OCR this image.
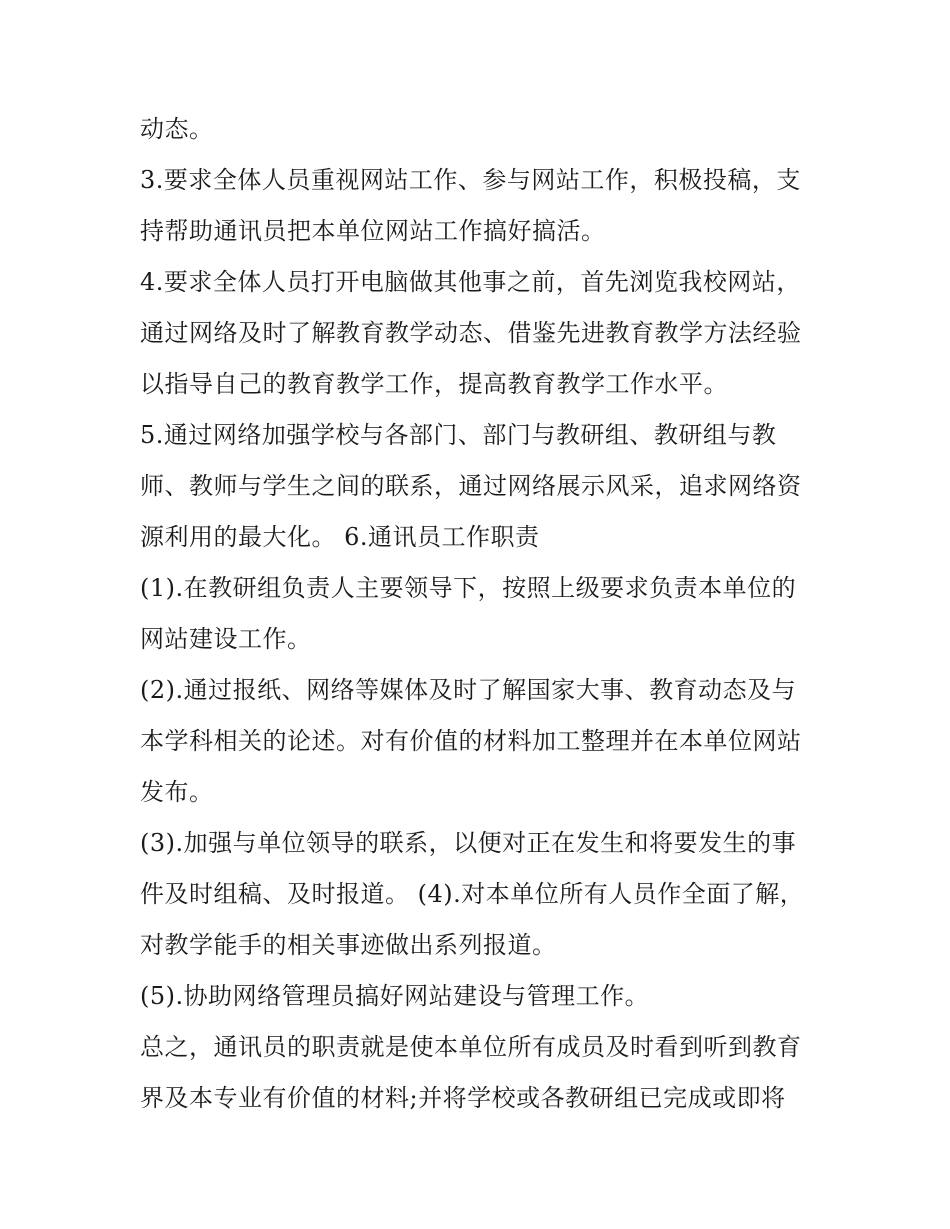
动态。
3.要求全体人员重视网站工作、参与网站工作，积极投稿，支
持帮助通讯员把本单位网站工作搞好搞活。
4.要求全体人员打开电脑做其他事之前，首先浏览我校网站，
通过网络及时了解教育教学动态、借鉴先进教育教学方法经验
以指导自己的教育教学工作，提高教育教学工作水平。
5.通过网络加强学校与各部门、部门与教研组、教研组与教
师、教师与学生之间的联系，通过网络展示风采，追求网络资
源利用的最大化。 6.通讯员工作职责
(1).在教研组负责人主要领导下，按照上级要求负责本单位的
网站建设工作。
(2).通过报纸、网络等媒体及时了解国家大事、教育动态及与
本学科相关的论述。对有价值的材料加工整理并在本单位网站
发布。
(3).加强与单位领导的联系，以便对正在发生和将要发生的事
件及时组稿、及时报道。 (4).对本单位所有人员作全面了解，
对教学能手的相关事迹做出系列报道。
(5).协助网络管理员搞好网站建设与管理工作。
总之，通讯员的职责就是使本单位所有成员及时看到听到教育
界及本专业有价值的材料;并将学校或各教研组已完成或即将
